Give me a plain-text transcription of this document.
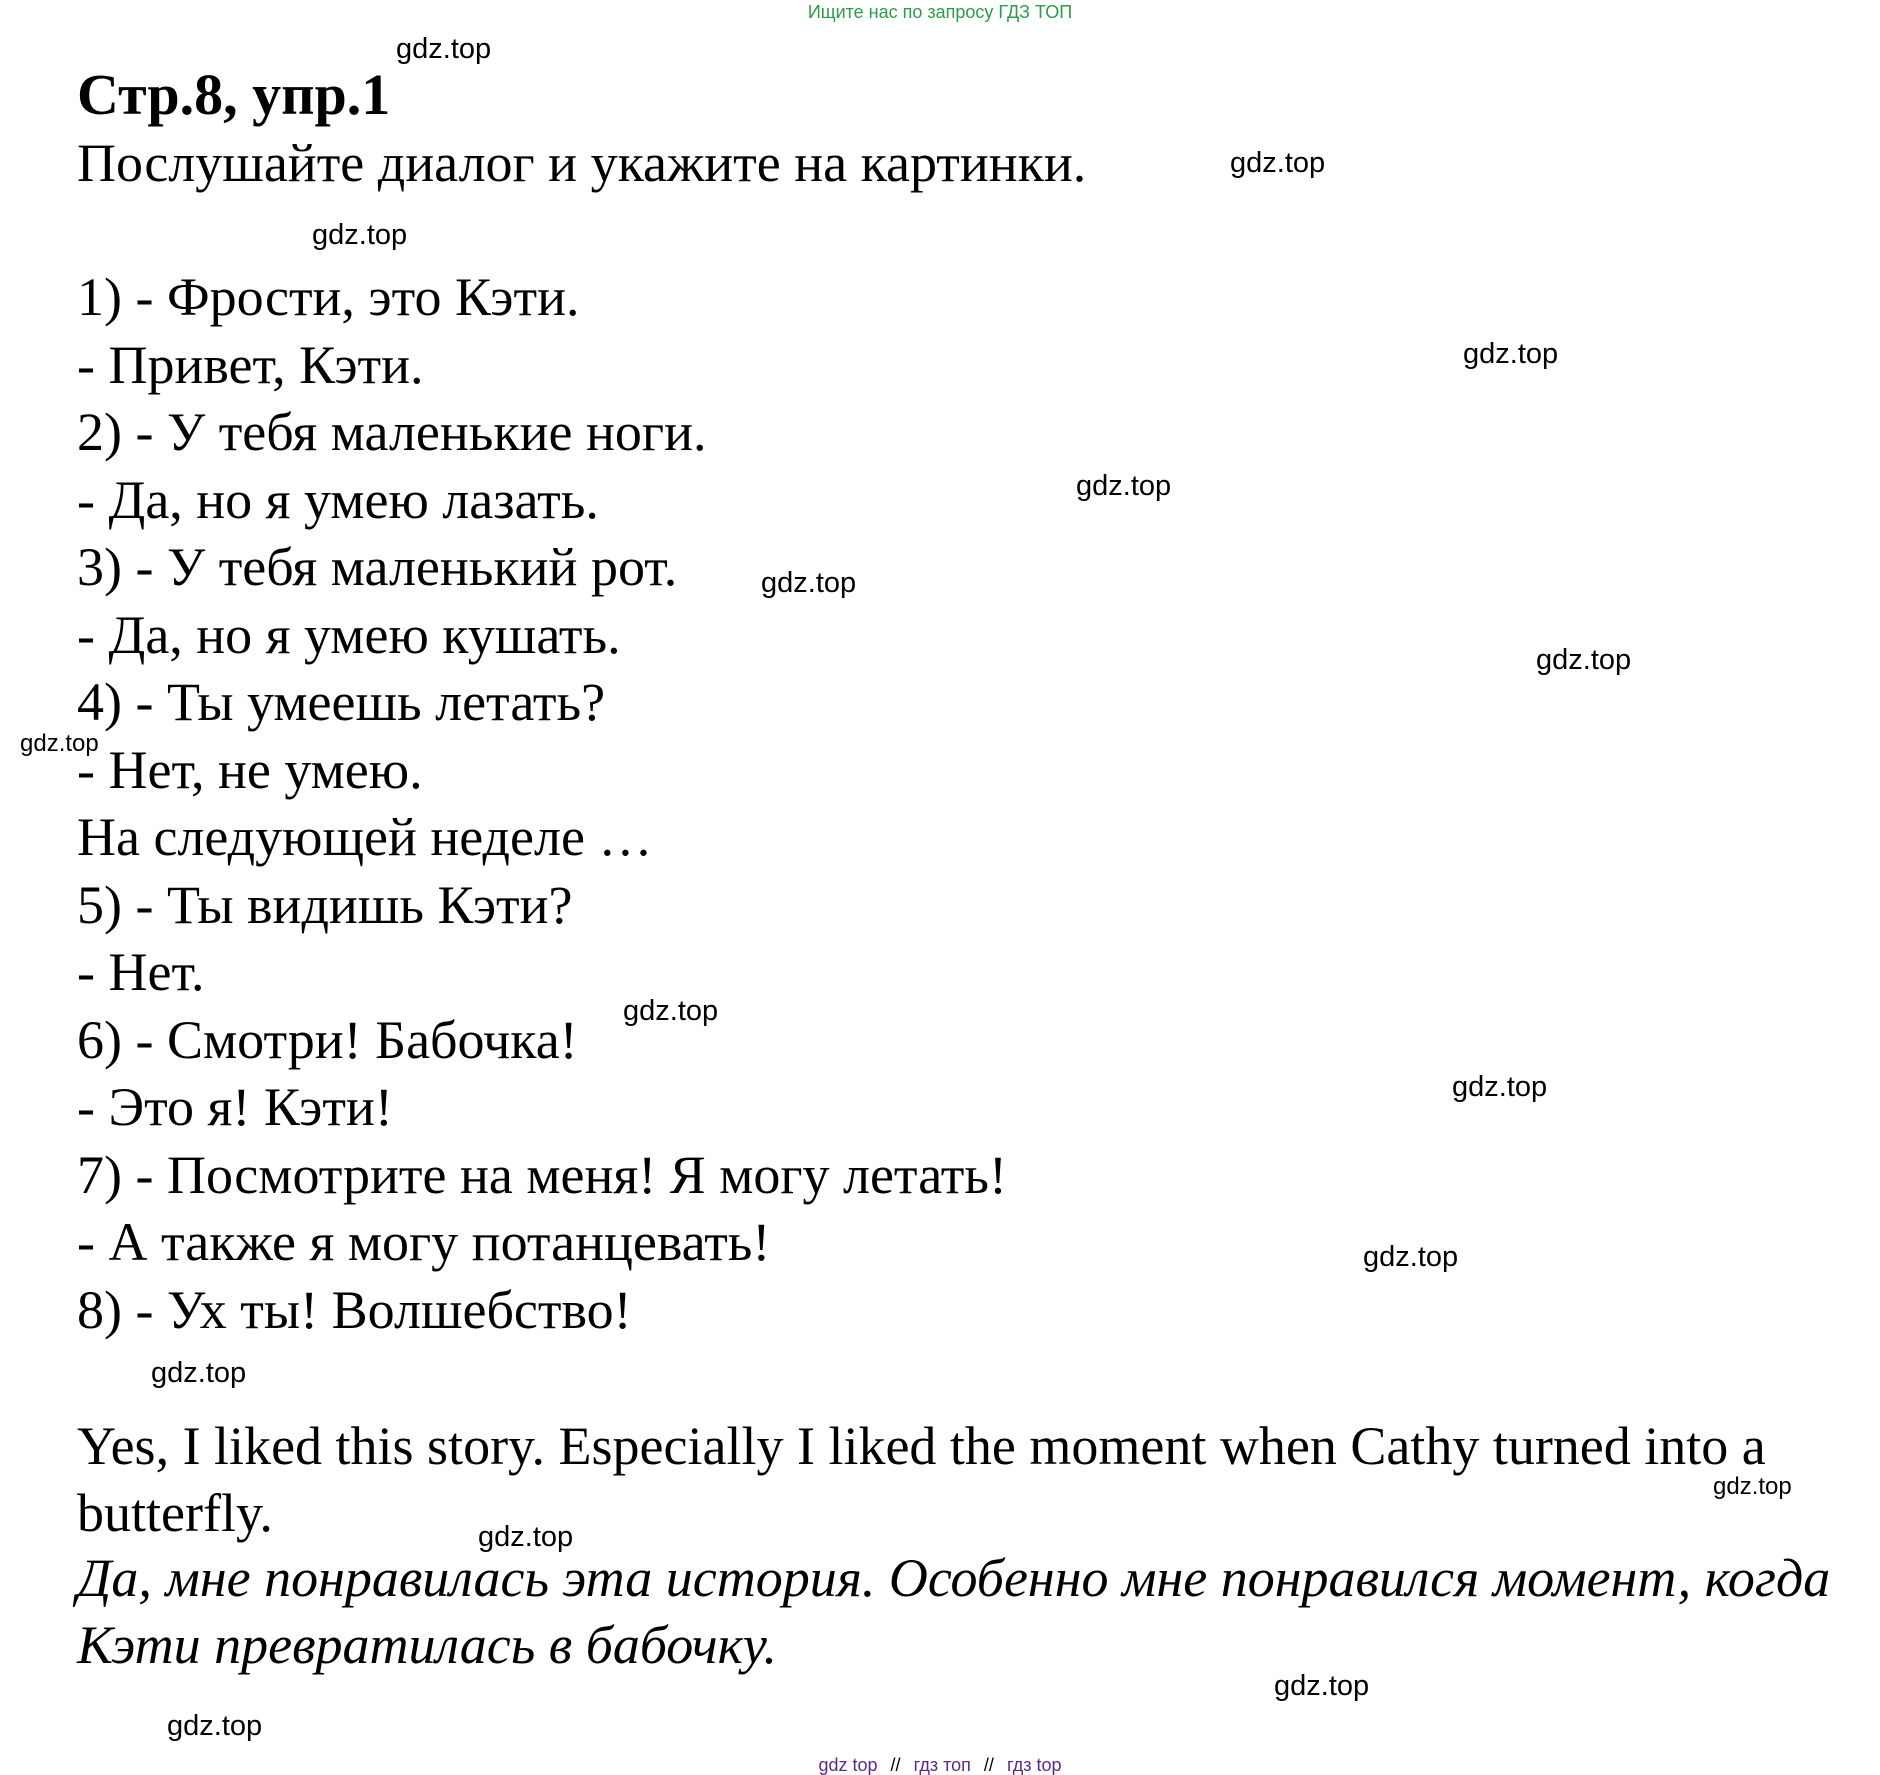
Ищите нас по запросу ГДЗ ТОП
Стр.8, упр.1

Послушайте диалог и укажите на картинки.

1) - Фрости, это Кэти.
- Привет, Кэти.
2) - У тебя маленькие ноги.
- Да, но я умею лазать.
3) - У тебя маленький рот.
- Да, но я умею кушать.
4) - Ты умеешь летать?
- Нет, не умею.
На следующей неделе …
5) - Ты видишь Кэти?
- Нет.
6) - Смотри! Бабочка!
- Это я! Кэти!
7) - Посмотрите на меня! Я могу летать!
- А также я могу потанцевать!
8) - Ух ты! Волшебство!

Yes, I liked this story. Especially I liked the moment when Cathy turned into a butterfly.

Да, мне понравилась эта история. Особенно мне понравился момент, когда Кэти превратилась в бабочку.

gdz.top
gdz.top
gdz.top
gdz.top
gdz.top
gdz.top
gdz.top
gdz.top
gdz.top
gdz.top
gdz.top
gdz.top
gdz.top
gdz.top
gdz.top
gdz.top
gdz top // гдз топ // гдз top
